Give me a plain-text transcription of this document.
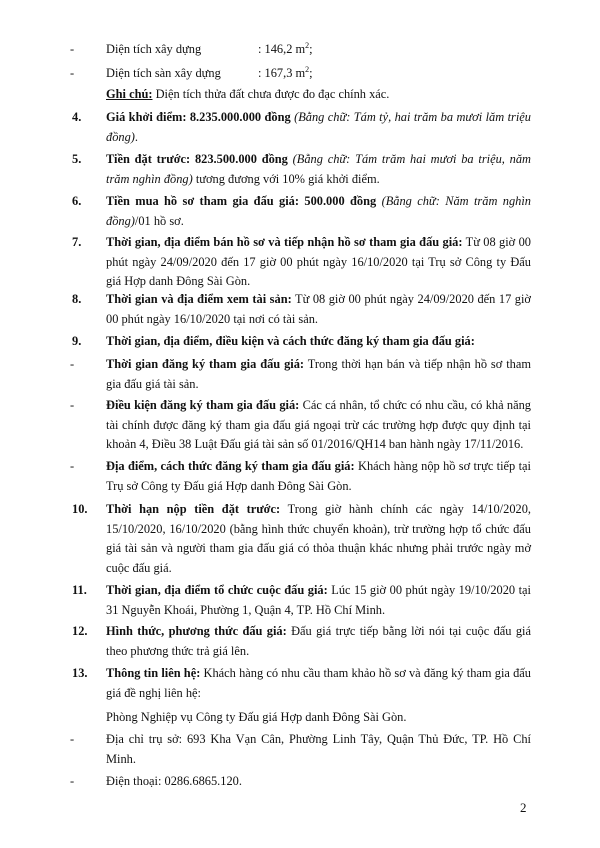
-	Diện tích xây dựng	: 146,2 $m^2$;
-	Diện tích sàn xây dựng	: 167,3 $m^2$;
Ghi chú: Diện tích thửa đất chưa được đo đạc chính xác.
4.	Giá khởi điểm: 8.235.000.000 đồng (Bằng chữ: Tám tỷ, hai trăm ba mươi lăm triệu đồng).
5.	Tiền đặt trước: 823.500.000 đồng (Bằng chữ: Tám trăm hai mươi ba triệu, năm trăm nghìn đồng) tương đương với 10% giá khởi điểm.
6.	Tiền mua hồ sơ tham gia đấu giá: 500.000 đồng (Bằng chữ: Năm trăm nghìn đồng)/01 hồ sơ.
7.	Thời gian, địa điểm bán hồ sơ và tiếp nhận hồ sơ tham gia đấu giá: Từ 08 giờ 00 phút ngày 24/09/2020 đến 17 giờ 00 phút ngày 16/10/2020 tại Trụ sở Công ty Đấu giá Hợp danh Đông Sài Gòn.
8.	Thời gian và địa điểm xem tài sản: Từ 08 giờ 00 phút ngày 24/09/2020 đến 17 giờ 00 phút ngày 16/10/2020 tại nơi có tài sản.
9.	Thời gian, địa điểm, điều kiện và cách thức đăng ký tham gia đấu giá:
-	Thời gian đăng ký tham gia đấu giá: Trong thời hạn bán và tiếp nhận hồ sơ tham gia đấu giá tài sản.
-	Điều kiện đăng ký tham gia đấu giá: Các cá nhân, tổ chức có nhu cầu, có khả năng tài chính được đăng ký tham gia đấu giá ngoại trừ các trường hợp được quy định tại khoản 4, Điều 38 Luật Đấu giá tài sản số 01/2016/QH14 ban hành ngày 17/11/2016.
-	Địa điểm, cách thức đăng ký tham gia đấu giá: Khách hàng nộp hồ sơ trực tiếp tại Trụ sở Công ty Đấu giá Hợp danh Đông Sài Gòn.
10.	Thời hạn nộp tiền đặt trước: Trong giờ hành chính các ngày 14/10/2020, 15/10/2020, 16/10/2020 (bằng hình thức chuyển khoản), trừ trường hợp tổ chức đấu giá tài sản và người tham gia đấu giá có thỏa thuận khác nhưng phải trước ngày mở cuộc đấu giá.
11.	Thời gian, địa điểm tổ chức cuộc đấu giá: Lúc 15 giờ 00 phút ngày 19/10/2020 tại 31 Nguyễn Khoái, Phường 1, Quận 4, TP. Hồ Chí Minh.
12.	Hình thức, phương thức đấu giá: Đấu giá trực tiếp bằng lời nói tại cuộc đấu giá theo phương thức trả giá lên.
13.	Thông tin liên hệ: Khách hàng có nhu cầu tham khảo hồ sơ và đăng ký tham gia đấu giá đề nghị liên hệ:
Phòng Nghiệp vụ Công ty Đấu giá Hợp danh Đông Sài Gòn.
-	Địa chỉ trụ sở: 693 Kha Vạn Cân, Phường Linh Tây, Quận Thủ Đức, TP. Hồ Chí Minh.
-	Điện thoại: 0286.6865.120.
2
